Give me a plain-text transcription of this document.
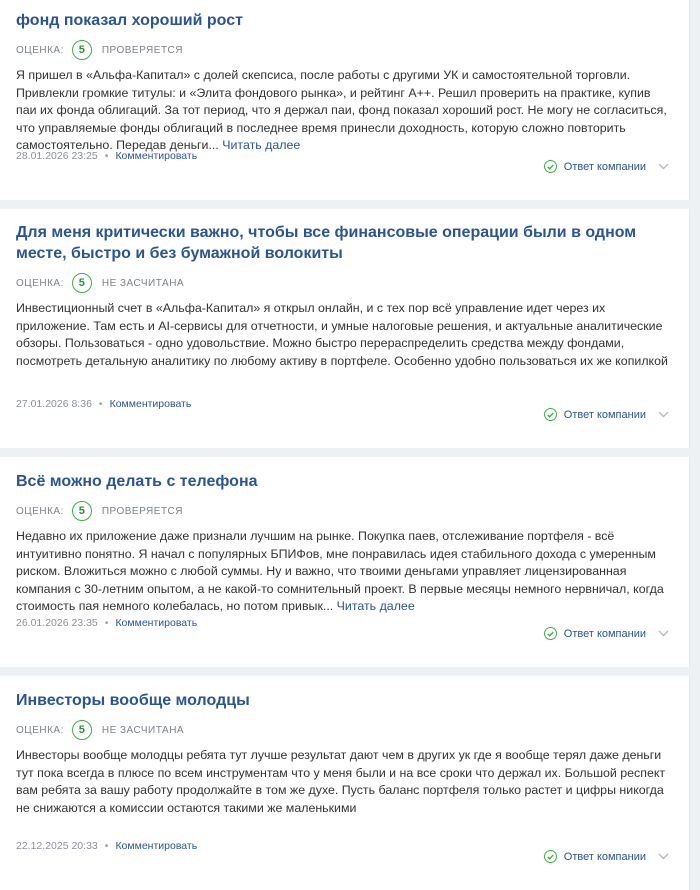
фонд показал хороший рост
ОЦЕНКА:	5	ПРОВЕРЯЕТСЯ
Я пришел в «Альфа-Капитал» с долей скепсиса, после работы с другими УК и самостоятельной торговли. Привлекли громкие титулы: и «Элита фондового рынка», и рейтинг А++. Решил проверить на практике, купив паи их фонда облигаций. За тот период, что я держал паи, фонд показал хороший рост. Не могу не согласиться, что управляемые фонды облигаций в последнее время принесли доходность, которую сложно повторить самостоятельно. Передав деньги... Читать далее
28.01.2026 23:25 • Комментировать
Ответ компании
Для меня критически важно, чтобы все финансовые операции были в одном месте, быстро и без бумажной волокиты
ОЦЕНКА:	5	НЕ ЗАСЧИТАНА
Инвестиционный счет в «Альфа-Капитал» я открыл онлайн, и с тех пор всё управление идет через их приложение. Там есть и AI-сервисы для отчетности, и умные налоговые решения, и актуальные аналитические обзоры. Пользоваться - одно удовольствие. Можно быстро перераспределить средства между фондами, посмотреть детальную аналитику по любому активу в портфеле. Особенно удобно пользоваться их же копилкой
27.01.2026 8:36 • Комментировать
Ответ компании
Всё можно делать с телефона
ОЦЕНКА:	5	ПРОВЕРЯЕТСЯ
Недавно их приложение даже признали лучшим на рынке. Покупка паев, отслеживание портфеля - всё интуитивно понятно. Я начал с популярных БПИФов, мне понравилась идея стабильного дохода с умеренным риском. Вложиться можно с любой суммы. Ну и важно, что твоими деньгами управляет лицензированная компания с 30-летним опытом, а не какой-то сомнительный проект. В первые месяцы немного нервничал, когда стоимость пая немного колебалась, но потом привык... Читать далее
26.01.2026 23:35 • Комментировать
Ответ компании
Инвесторы вообще молодцы
ОЦЕНКА:	5	НЕ ЗАСЧИТАНА
Инвесторы вообще молодцы ребята тут лучше результат дают чем в других ук где я вообще терял даже деньги тут пока всегда в плюсе по всем инструментам что у меня были и на все сроки что держал их. Большой респект вам ребята за вашу работу продолжайте в том же духе. Пусть баланс портфеля только растет и цифры никогда не снижаются а комиссии остаются такими же маленькими
22.12.2025 20:33 • Комментировать
Ответ компании
